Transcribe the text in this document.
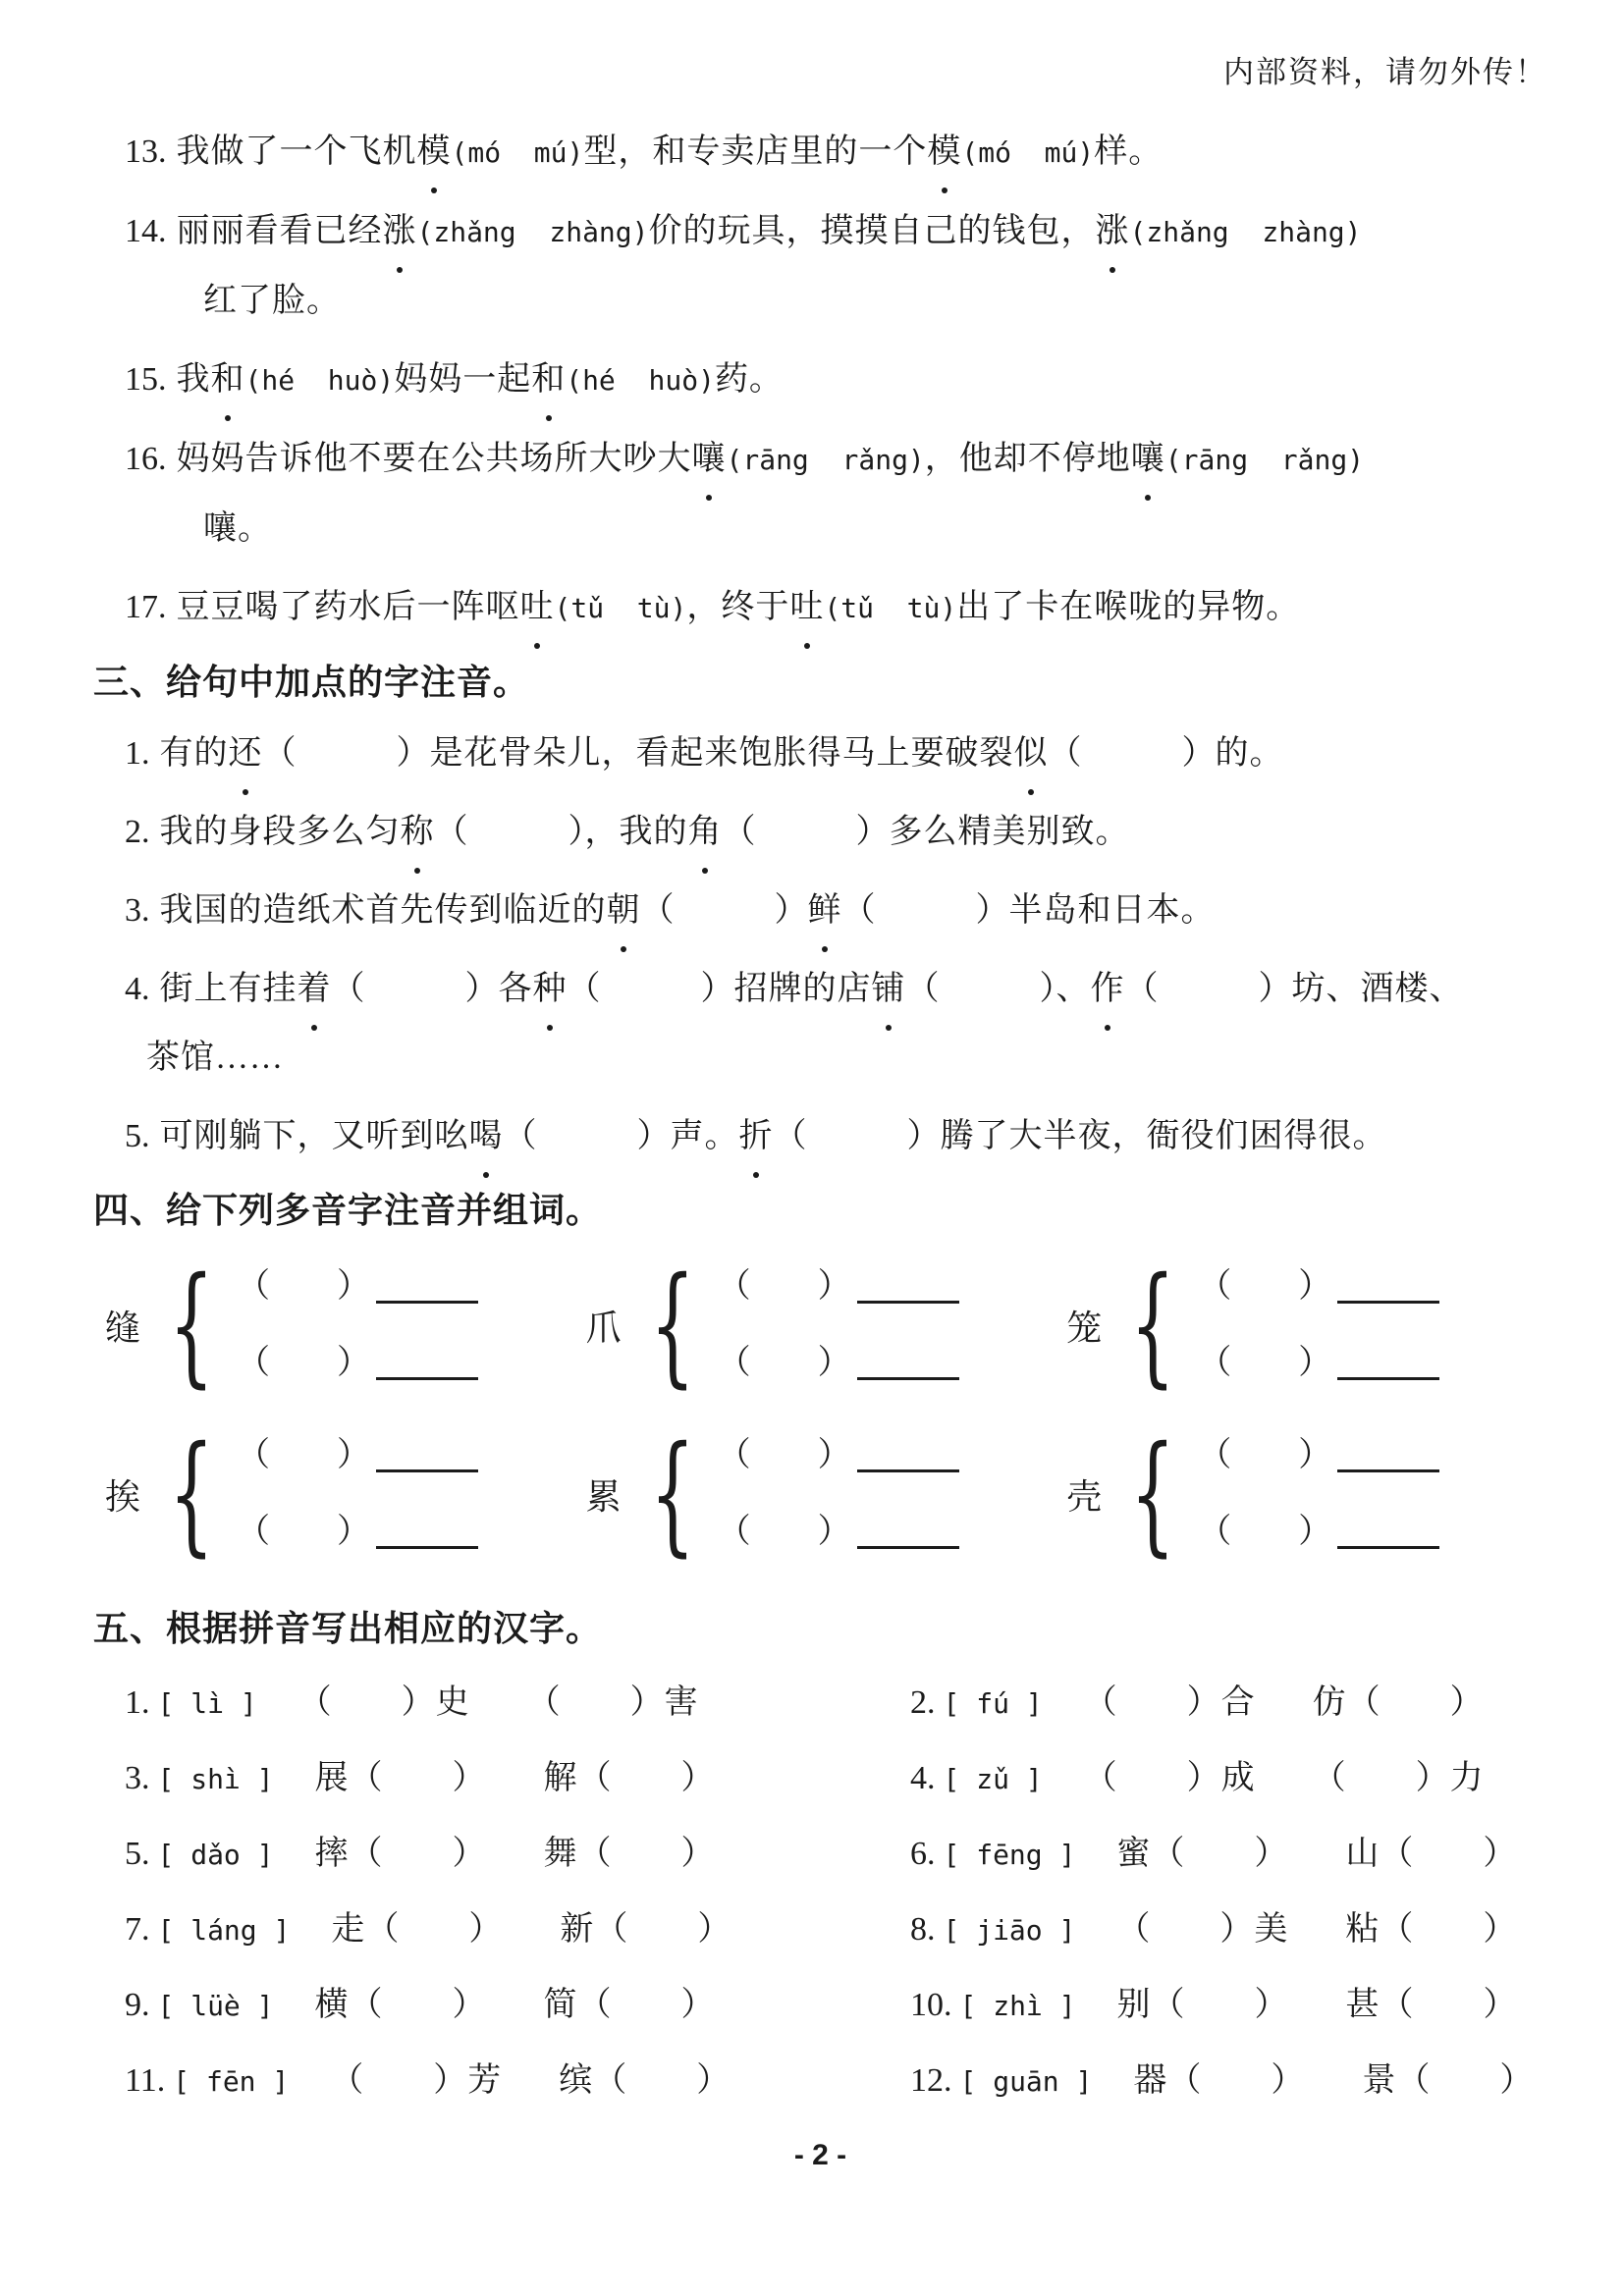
内部资料，请勿外传！
13. 我做了一个飞机模(mó  mú)型，和专卖店里的一个模(mó  mú)样。
14. 丽丽看看已经涨(zhǎng  zhàng)价的玩具，摸摸自己的钱包，涨(zhǎng  zhàng)
红了脸。
15. 我和(hé  huò)妈妈一起和(hé  huò)药。
16. 妈妈告诉他不要在公共场所大吵大嚷(rāng  rǎng)，他却不停地嚷(rāng  rǎng)
嚷。
17. 豆豆喝了药水后一阵呕吐(tǔ  tù)，终于吐(tǔ  tù)出了卡在喉咙的异物。
三、给句中加点的字注音。
1. 有的还（　　　）是花骨朵儿，看起来饱胀得马上要破裂似（　　　）的。
2. 我的身段多么匀称（　　　），我的角（　　　）多么精美别致。
3. 我国的造纸术首先传到临近的朝（　　　）鲜（　　　）半岛和日本。
4. 街上有挂着（　　　）各种（　　　）招牌的店铺（　　　）、作（　　　）坊、酒楼、
茶馆……
5. 可刚躺下，又听到吆喝（　　　）声。折（　　　）腾了大半夜，衙役们困得很。
四、给下列多音字注音并组词。
缝 { （　　）
（　　）
爪 { （　　）
（　　）
笼 { （　　）
（　　）
挨 { （　　）
（　　）
累 { （　　）
（　　）
壳 { （　　）
（　　）
五、根据拼音写出相应的汉字。
1. [ lì ] （　　）史 （　　）害	2. [ fú ] （　　）合 仿（　　）
3. [ shì ] 展（　　） 解（　　）	4. [ zǔ ] （　　）成 （　　）力
5. [ dǎo ] 摔（　　） 舞（　　）	6. [ fēng ] 蜜（　　） 山（　　）
7. [ láng ] 走（　　） 新（　　）	8. [ jiāo ] （　　）美 粘（　　）
9. [ lüè ] 横（　　） 简（　　）	10. [ zhì ] 别（　　） 甚（　　）
11. [ fēn ] （　　）芳 缤（　　）	12. [ guān ] 器（　　） 景（　　）
- 2 -
